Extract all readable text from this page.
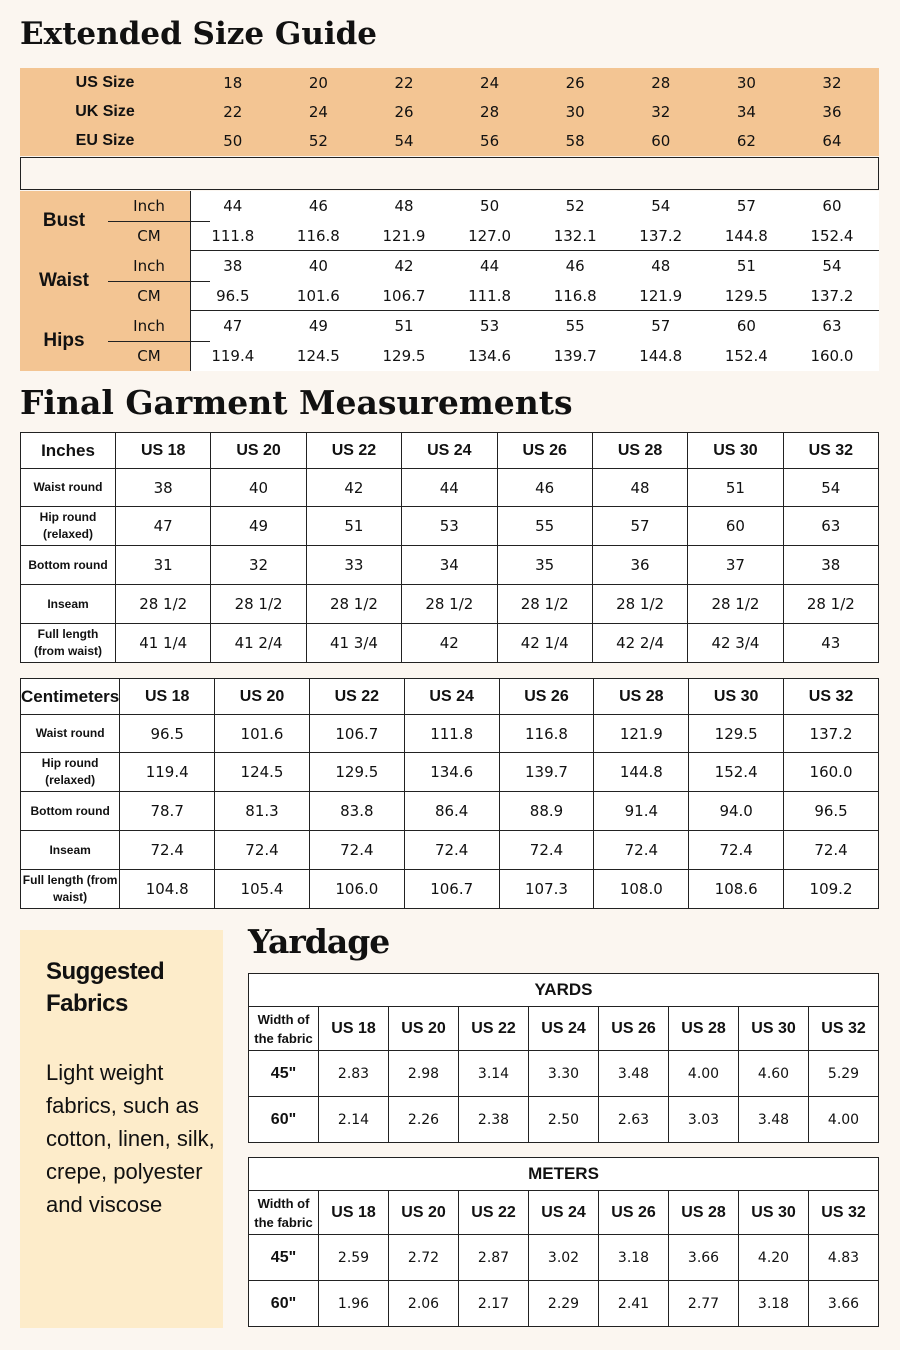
Extended Size Guide
US Size	18	20	22	24	26	28	30	32
UK Size	22	24	26	28	30	32	34	36
EU Size	50	52	54	56	58	60	62	64
Bust
Inch	44	46	48	50	52	54	57	60
CM	111.8	116.8	121.9	127.0	132.1	137.2	144.8	152.4
Waist
Inch	38	40	42	44	46	48	51	54
CM	96.5	101.6	106.7	111.8	116.8	121.9	129.5	137.2
Hips
Inch	47	49	51	53	55	57	60	63
CM	119.4	124.5	129.5	134.6	139.7	144.8	152.4	160.0
Final Garment Measurements
Inches	US 18	US 20	US 22	US 24	US 26	US 28	US 30	US 32
Waist round	38	40	42	44	46	48	51	54
Hip round (relaxed)	47	49	51	53	55	57	60	63
Bottom round	31	32	33	34	35	36	37	38
Inseam	28 1/2	28 1/2	28 1/2	28 1/2	28 1/2	28 1/2	28 1/2	28 1/2
Full length (from waist)	41 1/4	41 2/4	41 3/4	42	42 1/4	42 2/4	42 3/4	43
Centimeters	US 18	US 20	US 22	US 24	US 26	US 28	US 30	US 32
Waist round	96.5	101.6	106.7	111.8	116.8	121.9	129.5	137.2
Hip round (relaxed)	119.4	124.5	129.5	134.6	139.7	144.8	152.4	160.0
Bottom round	78.7	81.3	83.8	86.4	88.9	91.4	94.0	96.5
Inseam	72.4	72.4	72.4	72.4	72.4	72.4	72.4	72.4
Full length (from waist)	104.8	105.4	106.0	106.7	107.3	108.0	108.6	109.2
Suggested Fabrics
Light weight fabrics, such as cotton, linen, silk, crepe, polyester and viscose
Yardage
YARDS								
Width of the fabric	US 18	US 20	US 22	US 24	US 26	US 28	US 30	US 32
45"	2.83	2.98	3.14	3.30	3.48	4.00	4.60	5.29
60"	2.14	2.26	2.38	2.50	2.63	3.03	3.48	4.00
METERS								
Width of the fabric	US 18	US 20	US 22	US 24	US 26	US 28	US 30	US 32
45"	2.59	2.72	2.87	3.02	3.18	3.66	4.20	4.83
60"	1.96	2.06	2.17	2.29	2.41	2.77	3.18	3.66
